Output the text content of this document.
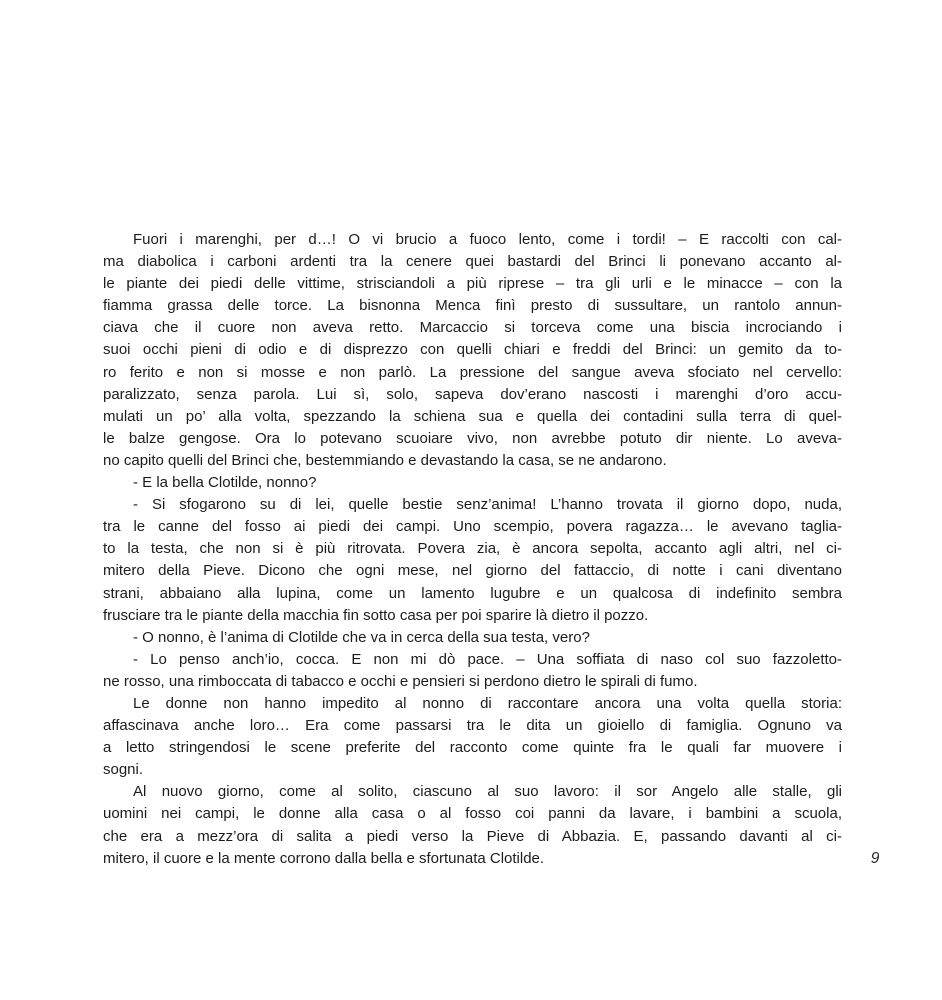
Fuori i marenghi, per d…! O vi brucio a fuoco lento, come i tordi! – E raccolti con cal-
ma diabolica i carboni ardenti tra la cenere quei bastardi del Brinci li ponevano accanto al-
le piante dei piedi delle vittime, strisciandoli a più riprese – tra gli urli e le minacce – con la
fiamma grassa delle torce. La bisnonna Menca finì presto di sussultare, un rantolo annun-
ciava che il cuore non aveva retto. Marcaccio si torceva come una biscia incrociando i
suoi occhi pieni di odio e di disprezzo con quelli chiari e freddi del Brinci: un gemito da to-
ro ferito e non si mosse e non parlò. La pressione del sangue aveva sfociato nel cervello:
paralizzato, senza parola. Lui sì, solo, sapeva dov’erano nascosti i marenghi d’oro accu-
mulati un po’ alla volta, spezzando la schiena sua e quella dei contadini sulla terra di quel-
le balze gengose. Ora lo potevano scuoiare vivo, non avrebbe potuto dir niente. Lo aveva-
no capito quelli del Brinci che, bestemmiando e devastando la casa, se ne andarono.
- E la bella Clotilde, nonno?
- Si sfogarono su di lei, quelle bestie senz’anima! L’hanno trovata il giorno dopo, nuda,
tra le canne del fosso ai piedi dei campi. Uno scempio, povera ragazza… le avevano taglia-
to la testa, che non si è più ritrovata. Povera zia, è ancora sepolta, accanto agli altri, nel ci-
mitero della Pieve. Dicono che ogni mese, nel giorno del fattaccio, di notte i cani diventano
strani, abbaiano alla lupina, come un lamento lugubre e un qualcosa di indefinito sembra
frusciare tra le piante della macchia fin sotto casa per poi sparire là dietro il pozzo.
- O nonno, è l’anima di Clotilde che va in cerca della sua testa, vero?
- Lo penso anch’io, cocca. E non mi dò pace. – Una soffiata di naso col suo fazzoletto-
ne rosso, una rimboccata di tabacco e occhi e pensieri si perdono dietro le spirali di fumo.
Le donne non hanno impedito al nonno di raccontare ancora una volta quella storia:
affascinava anche loro… Era come passarsi tra le dita un gioiello di famiglia. Ognuno va
a letto stringendosi le scene preferite del racconto come quinte fra le quali far muovere i
sogni.
Al nuovo giorno, come al solito, ciascuno al suo lavoro: il sor Angelo alle stalle, gli
uomini nei campi, le donne alla casa o al fosso coi panni da lavare, i bambini a scuola,
che era a mezz’ora di salita a piedi verso la Pieve di Abbazia. E, passando davanti al ci-
mitero, il cuore e la mente corrono dalla bella e sfortunata Clotilde.	9
